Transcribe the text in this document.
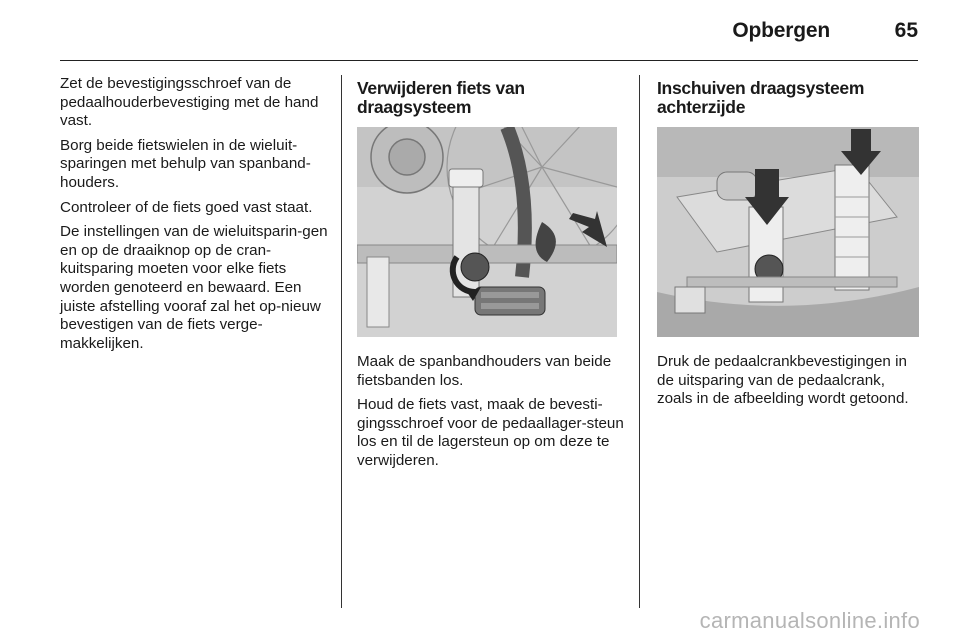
Opbergen	65

Zet de bevestigingsschroef van de pedaalhouderbevestiging met de hand vast.

Borg beide fietswielen in de wieluit-sparingen met behulp van spanband-houders.

Controleer of de fiets goed vast staat.

De instellingen van de wieluitsparin-gen en op de draaiknop op de cran-kuitsparing moeten voor elke fiets worden genoteerd en bewaard. Een juiste afstelling vooraf zal het op-nieuw bevestigen van de fiets verge-makkelijken.

Verwijderen fiets van draagsysteem

Maak de spanbandhouders van beide fietsbanden los.

Houd de fiets vast, maak de bevesti-gingsschroef voor de pedaallager-steun los en til de lagersteun op om deze te verwijderen.

Inschuiven draagsysteem achterzijde

Druk de pedaalcrankbevestigingen in de uitsparing van de pedaalcrank, zoals in de afbeelding wordt getoond.

carmanualsonline.info
